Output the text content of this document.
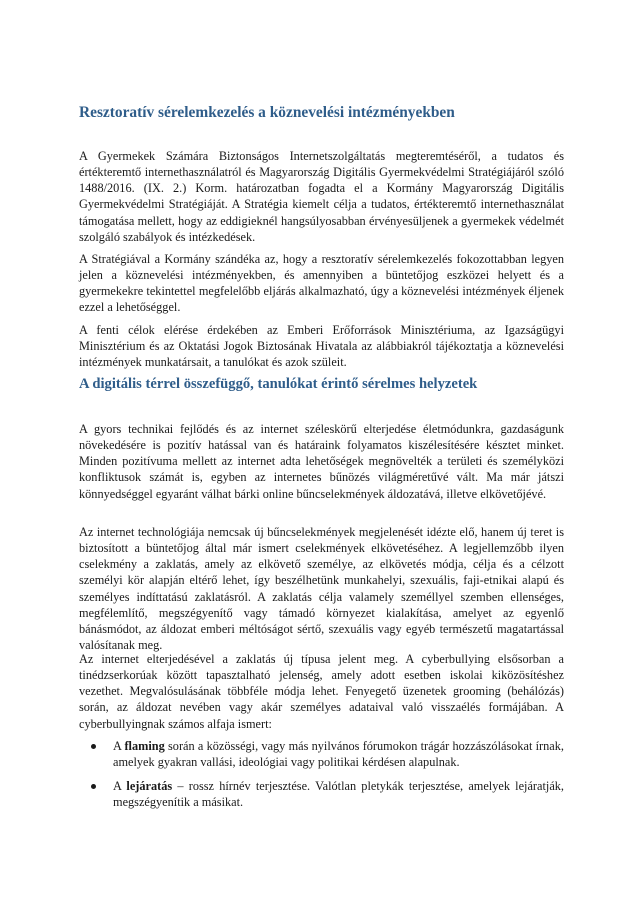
Resztoratív sérelemkezelés a köznevelési intézményekben

A Gyermekek Számára Biztonságos Internetszolgáltatás megteremtéséről, a tudatos és értékteremtő internethasználatról és Magyarország Digitális Gyermekvédelmi Stratégiájáról szóló 1488/2016. (IX. 2.) Korm. határozatban fogadta el a Kormány Magyarország Digitális Gyermekvédelmi Stratégiáját. A Stratégia kiemelt célja a tudatos, értékteremtő internethasználat támogatása mellett, hogy az eddigieknél hangsúlyosabban érvényesüljenek a gyermekek védelmét szolgáló szabályok és intézkedések.

A Stratégiával a Kormány szándéka az, hogy a resztoratív sérelemkezelés fokozottabban legyen jelen a köznevelési intézményekben, és amennyiben a büntetőjog eszközei helyett és a gyermekekre tekintettel megfelelőbb eljárás alkalmazható, úgy a köznevelési intézmények éljenek ezzel a lehetőséggel.

A fenti célok elérése érdekében az Emberi Erőforrások Minisztériuma, az Igazságügyi Minisztérium és az Oktatási Jogok Biztosának Hivatala az alábbiakról tájékoztatja a köznevelési intézmények munkatársait, a tanulókat és azok szüleit.

A digitális térrel összefüggő, tanulókat érintő sérelmes helyzetek

A gyors technikai fejlődés és az internet széleskörű elterjedése életmódunkra, gazdaságunk növekedésére is pozitív hatással van és határaink folyamatos kiszélesítésére késztet minket. Minden pozitívuma mellett az internet adta lehetőségek megnövelték a területi és személyközi konfliktusok számát is, egyben az internetes bűnözés világméretűvé vált. Ma már játszi könnyedséggel egyaránt válhat bárki online bűncselekmények áldozatává, illetve elkövetőjévé.

Az internet technológiája nemcsak új bűncselekmények megjelenését idézte elő, hanem új teret is biztosított a büntetőjog által már ismert cselekmények elkövetéséhez. A legjellemzőbb ilyen cselekmény a zaklatás, amely az elkövető személye, az elkövetés módja, célja és a célzott személyi kör alapján eltérő lehet, így beszélhetünk munkahelyi, szexuális, faji-etnikai alapú és személyes indíttatású zaklatásról. A zaklatás célja valamely személlyel szemben ellenséges, megfélemlítő, megszégyenítő vagy támadó környezet kialakítása, amelyet az egyenlő bánásmódot, az áldozat emberi méltóságot sértő, szexuális vagy egyéb természetű magatartással valósítanak meg.

Az internet elterjedésével a zaklatás új típusa jelent meg. A cyberbullying elsősorban a tinédzserkorúak között tapasztalható jelenség, amely adott esetben iskolai kiközösítéshez vezethet. Megvalósulásának többféle módja lehet. Fenyegető üzenetek grooming (behálózás) során, az áldozat nevében vagy akár személyes adataival való visszaélés formájában. A cyberbullyingnak számos alfaja ismert:

A flaming során a közösségi, vagy más nyilvános fórumokon trágár hozzászólásokat írnak, amelyek gyakran vallási, ideológiai vagy politikai kérdésen alapulnak.
A lejáratás – rossz hírnév terjesztése. Valótlan pletykák terjesztése, amelyek lejáratják, megszégyenítik a másikat.
